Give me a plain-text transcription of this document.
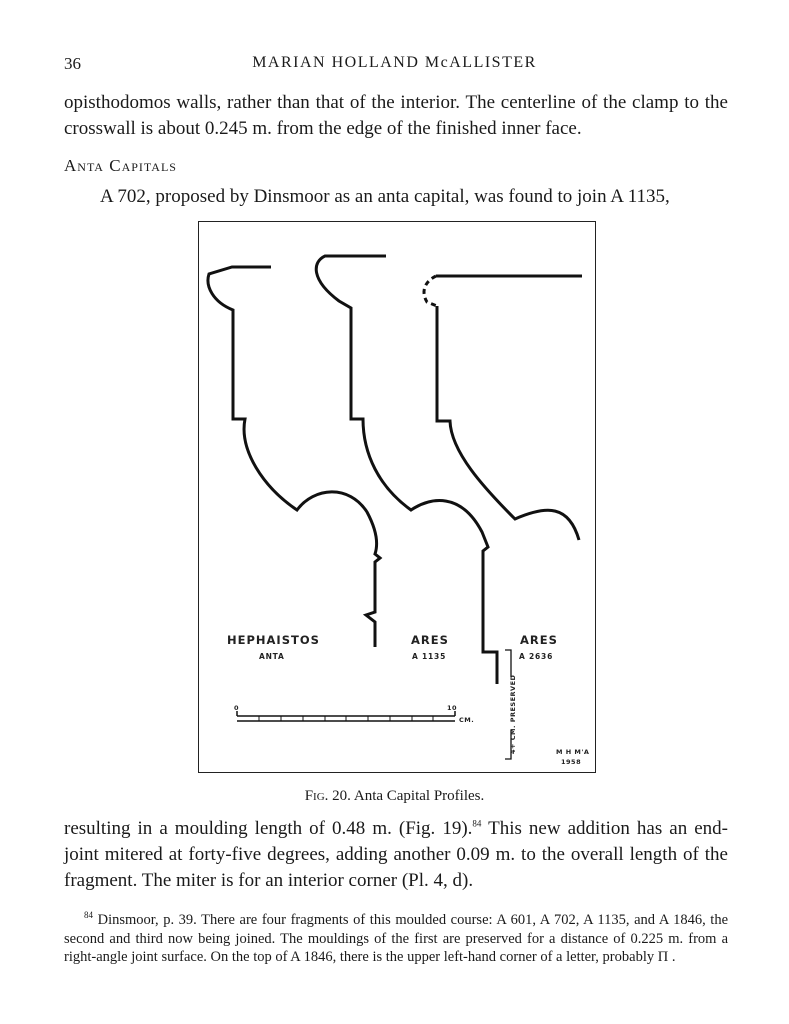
36	MARIAN HOLLAND McALLISTER

opisthodomos walls, rather than that of the interior. The centerline of the clamp to the crosswall is about 0.245 m. from the edge of the finished inner face.

Anta Capitals

A 702, proposed by Dinsmoor as an anta capital, was found to join A 1135,

HEPHAISTOS
ANTA
ARES
A 1135
ARES
A 2636
0	10
CM.	4+ CM. PRESERVED	M H M'A
1958
Fig. 20. Anta Capital Profiles.

resulting in a moulding length of 0.48 m. (Fig. 19).$^{84}$ This new addition has an end-joint mitered at forty-five degrees, adding another 0.09 m. to the overall length of the fragment. The miter is for an interior corner (Pl. 4, d).

$^{84}$ Dinsmoor, p. 39. There are four fragments of this moulded course: A 601, A 702, A 1135, and A 1846, the second and third now being joined. The mouldings of the first are preserved for a distance of 0.225 m. from a right-angle joint surface. On the top of A 1846, there is the upper left-hand corner of a letter, probably Π .
